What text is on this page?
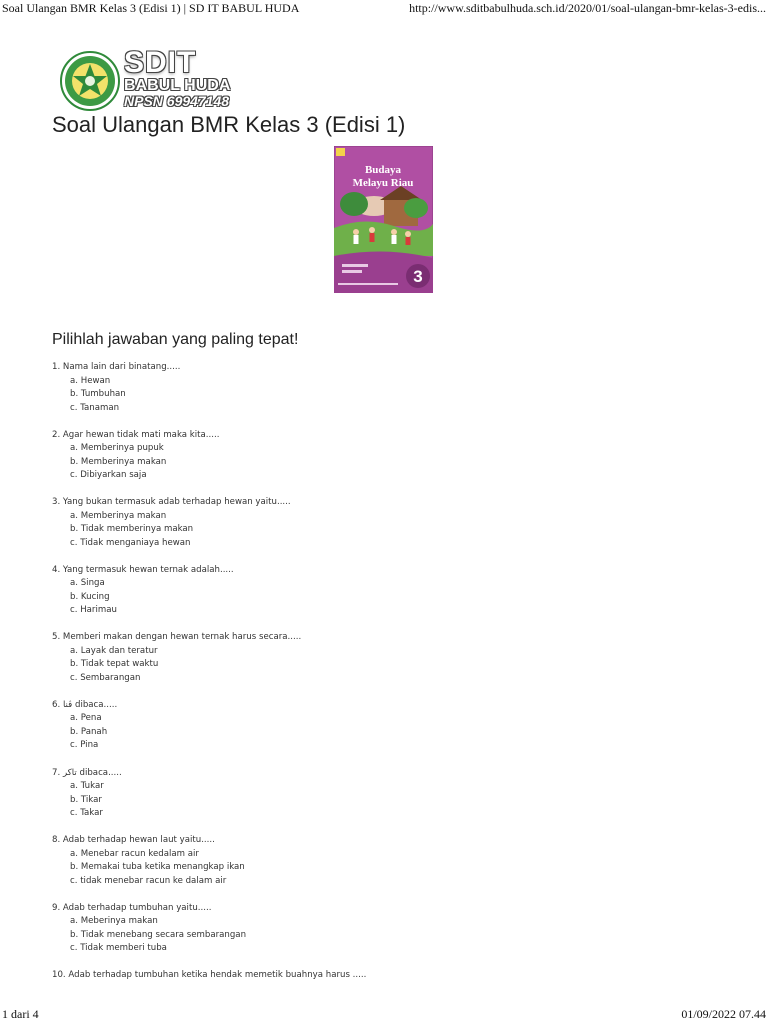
Soal Ulangan BMR Kelas 3 (Edisi 1) | SD IT BABUL HUDA	http://www.sditbabulhuda.sch.id/2020/01/soal-ulangan-bmr-kelas-3-edis...
SDIT
BABUL HUDA
NPSN 69947148
Soal Ulangan BMR Kelas 3 (Edisi 1)
Budaya
Melayu Riau
3
Pilihlah jawaban yang paling tepat!
1. Nama lain dari binatang.....
a. Hewan
b. Tumbuhan
c. Tanaman
2. Agar hewan tidak mati maka kita.....
a. Memberinya pupuk
b. Memberinya makan
c. Dibiyarkan saja
3. Yang bukan termasuk adab terhadap hewan yaitu.....
a. Memberinya makan
b. Tidak memberinya makan
c. Tidak menganiaya hewan
4. Yang termasuk hewan ternak adalah.....
a. Singa
b. Kucing
c. Harimau
5. Memberi makan dengan hewan ternak harus secara.....
a. Layak dan teratur
b. Tidak tepat waktu
c. Sembarangan
6. ڤنا dibaca.....
a. Pena
b. Panah
c. Pina
7. تاكر dibaca.....
a. Tukar
b. Tikar
c. Takar
8. Adab terhadap hewan laut yaitu.....
a. Menebar racun kedalam air
b. Memakai tuba ketika menangkap ikan
c. tidak menebar racun ke dalam air
9. Adab terhadap tumbuhan yaitu.....
a. Meberinya makan
b. Tidak menebang secara sembarangan
c. Tidak memberi tuba
10. Adab terhadap tumbuhan ketika hendak memetik buahnya harus .....
1 dari 4	01/09/2022 07.44
